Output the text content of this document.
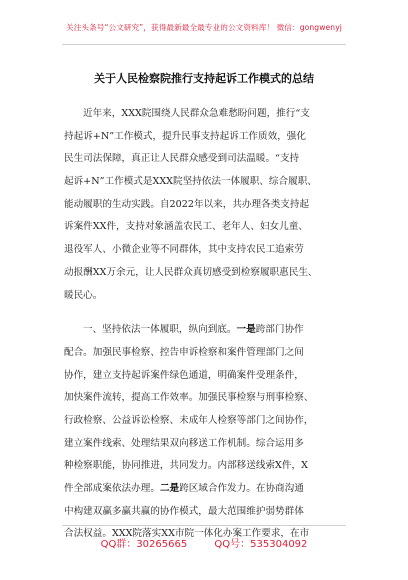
关注头条号“公文研究”，获得最新最全最专业的公文资料库！ 微信：gongwenyj
关于人民检察院推行支持起诉工作模式的总结
近年来，XXX院围绕人民群众急难愁盼问题，推行“支
持起诉+N”工作模式，提升民事支持起诉工作质效，强化
民生司法保障，真正让人民群众感受到司法温暖。“支持
起诉+N”工作模式是XXX院坚持依法一体履职、综合履职、
能动履职的生动实践。自2022年以来，共办理各类支持起
诉案件XX件，支持对象涵盖农民工、老年人、妇女儿童、
退役军人、小微企业等不同群体，其中支持农民工追索劳
动报酬XX万余元，让人民群众真切感受到检察履职惠民生、
暖民心。
一、坚持依法一体履职，纵向到底。一是跨部门协作
配合。加强民事检察、控告申诉检察和案件管理部门之间
协作，建立支持起诉案件绿色通道，明确案件受理条件，
加快案件流转，提高工作效率。加强民事检察与刑事检察、
行政检察、公益诉讼检察、未成年人检察等部门之间协作，
建立案件线索、处理结果双向移送工作机制。综合运用多
种检察职能，协同推进，共同发力。内部移送线索X件，X
件全部成案依法办理。二是跨区域合作发力。在协商沟通
中构建双赢多赢共赢的协作模式，最大范围维护弱势群体
合法权益。XXX院落实XX市院一体化办案工作要求，在市
QQ群：30265665	QQ号：535304092
